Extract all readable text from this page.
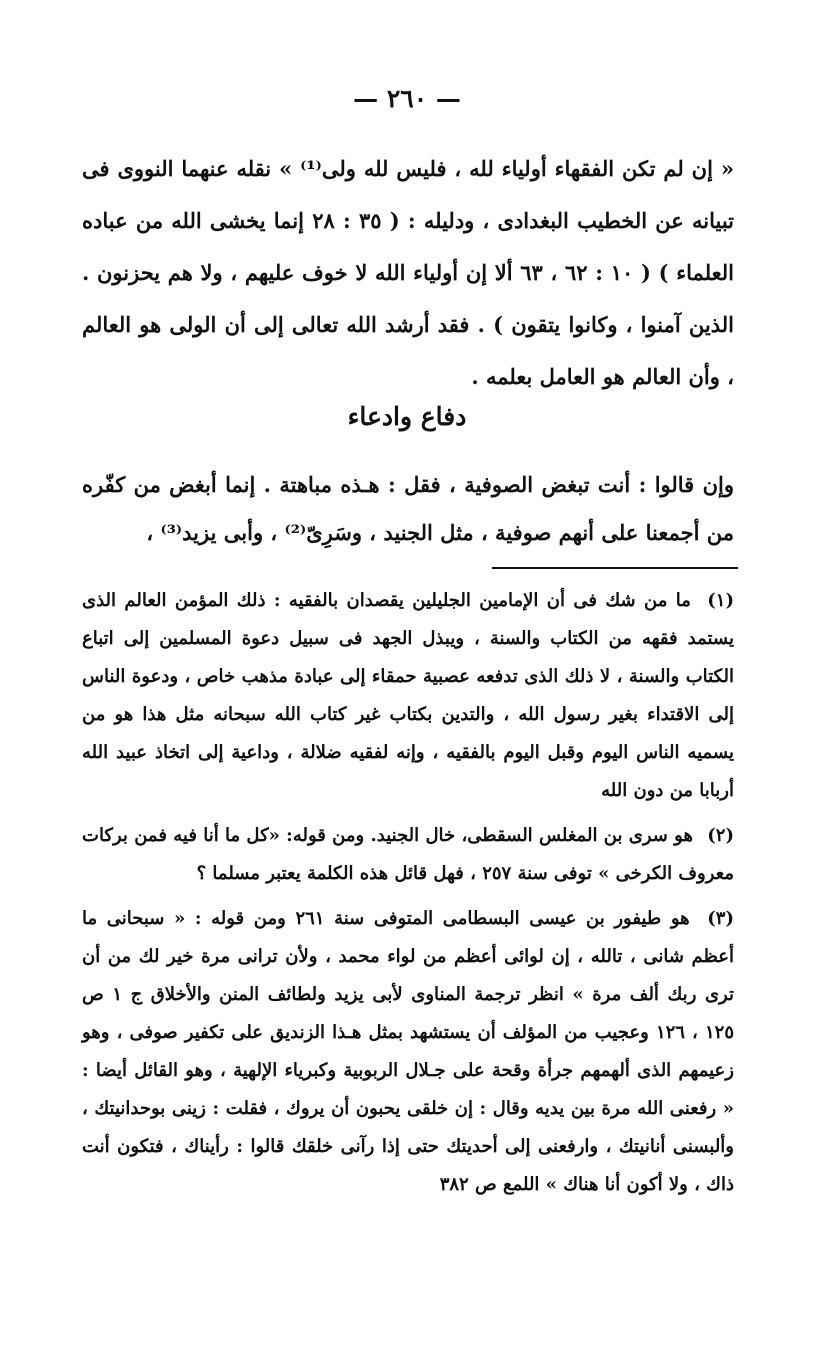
— ٢٦٠ —

« إن لم تكن الفقهاء أولياء لله ، فليس لله ولى⁽¹⁾ » نقله عنهما النووى فى تبيانه عن الخطيب البغدادى ، ودليله : ( ٣٥ : ٢٨ إنما يخشى الله من عباده العلماء ) ( ١٠ : ٦٢ ، ٦٣ ألا إن أولياء الله لا خوف عليهم ، ولا هم يحزنون . الذين آمنوا ، وكانوا يتقون ) . فقد أرشد الله تعالى إلى أن الولى هو العالم ، وأن العالم هو العامل بعلمه .

دفاع وادعاء

وإن قالوا : أنت تبغض الصوفية ، فقل : هـذه مباهتة . إنما أبغض من كفّره من أجمعنا على أنهم صوفية ، مثل الجنيد ، وسَرِىّ⁽²⁾ ، وأبى يزيد⁽³⁾ ،

(١) ما من شك فى أن الإمامين الجليلين يقصدان بالفقيه : ذلك المؤمن العالم الذى يستمد فقهه من الكتاب والسنة ، ويبذل الجهد فى سبيل دعوة المسلمين إلى اتباع الكتاب والسنة ، لا ذلك الذى تدفعه عصبية حمقاء إلى عبادة مذهب خاص ، ودعوة الناس إلى الاقتداء بغير رسول الله ، والتدين بكتاب غير كتاب الله سبحانه مثل هذا هو من يسميه الناس اليوم وقبل اليوم بالفقيه ، وإنه لفقيه ضلالة ، وداعية إلى اتخاذ عبيد الله أربابا من دون الله
(٢) هو سرى بن المغلس السقطى، خال الجنيد. ومن قوله: «كل ما أنا فيه فمن بركات معروف الكرخى » توفى سنة ٢٥٧ ، فهل قائل هذه الكلمة يعتبر مسلما ؟
(٣) هو طيفور بن عيسى البسطامى المتوفى سنة ٢٦١ ومن قوله : « سبحانى ما أعظم شانى ، تالله ، إن لوائى أعظم من لواء محمد ، ولأن ترانى مرة خير لك من أن ترى ربك ألف مرة » انظر ترجمة المناوى لأبى يزيد ولطائف المنن والأخلاق ج ١ ص ١٢٥ ، ١٢٦ وعجيب من المؤلف أن يستشهد بمثل هـذا الزنديق على تكفير صوفى ، وهو زعيمهم الذى ألهمهم جرأة وقحة على جـلال الربوبية وكبرياء الإلهية ، وهو القائل أيضا : « رفعنى الله مرة بين يديه وقال : إن خلقى يحبون أن يروك ، فقلت : زينى بوحدانيتك ، وألبسنى أنانيتك ، وارفعنى إلى أحديتك حتى إذا رآنى خلقك قالوا : رأيناك ، فتكون أنت ذاك ، ولا أكون أنا هناك » اللمع ص ٣٨٢
